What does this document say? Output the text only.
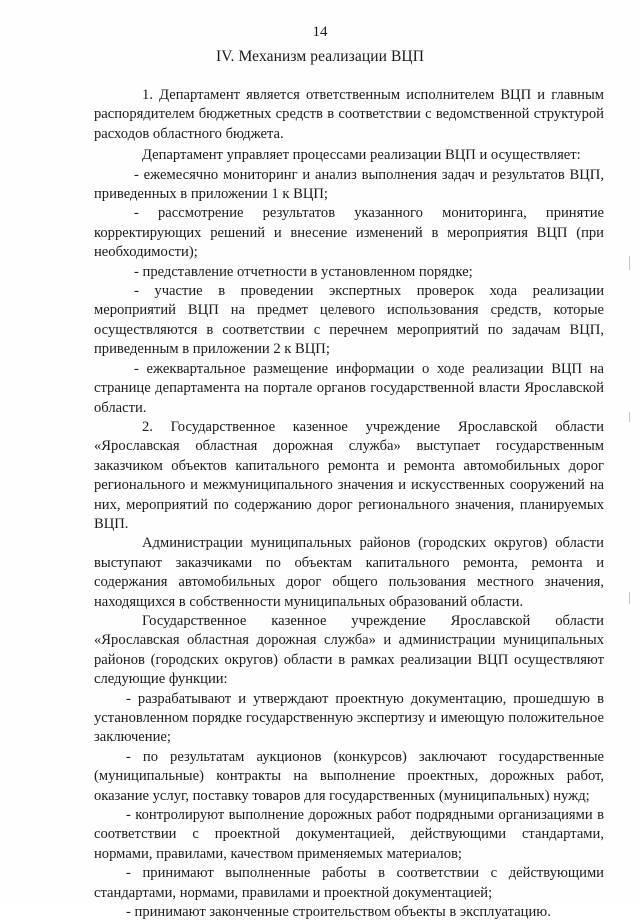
14
IV. Механизм реализации ВЦП

1. Департамент является ответственным исполнителем ВЦП и главным распорядителем бюджетных средств в соответствии с ведомственной структурой расходов областного бюджета.

Департамент управляет процессами реализации ВЦП и осуществляет:

- ежемесячно мониторинг и анализ выполнения задач и результатов ВЦП, приведенных в приложении 1 к ВЦП;

- рассмотрение результатов указанного мониторинга, принятие корректирующих решений и внесение изменений в мероприятия ВЦП (при необходимости);

- представление отчетности в установленном порядке;

- участие в проведении экспертных проверок хода реализации мероприятий ВЦП на предмет целевого использования средств, которые осуществляются в соответствии с перечнем мероприятий по задачам ВЦП, приведенным в приложении 2 к ВЦП;

- ежеквартальное размещение информации о ходе реализации ВЦП на странице департамента на портале органов государственной власти Ярославской области.

2. Государственное казенное учреждение Ярославской области «Ярославская областная дорожная служба» выступает государственным заказчиком объектов капитального ремонта и ремонта автомобильных дорог регионального и межмуниципального значения и искусственных сооружений на них, мероприятий по содержанию дорог регионального значения, планируемых ВЦП.

Администрации муниципальных районов (городских округов) области выступают заказчиками по объектам капитального ремонта, ремонта и содержания автомобильных дорог общего пользования местного значения, находящихся в собственности муниципальных образований области.

Государственное казенное учреждение Ярославской области «Ярославская областная дорожная служба» и администрации муниципальных районов (городских округов) области в рамках реализации ВЦП осуществляют следующие функции:

- разрабатывают и утверждают проектную документацию, прошедшую в установленном порядке государственную экспертизу и имеющую положительное заключение;

- по результатам аукционов (конкурсов) заключают государственные (муниципальные) контракты на выполнение проектных, дорожных работ, оказание услуг, поставку товаров для государственных (муниципальных) нужд;

- контролируют выполнение дорожных работ подрядными организациями в соответствии с проектной документацией, действующими стандартами, нормами, правилами, качеством применяемых материалов;

- принимают выполненные работы в соответствии с действующими стандартами, нормами, правилами и проектной документацией;

- принимают законченные строительством объекты в эксплуатацию.
